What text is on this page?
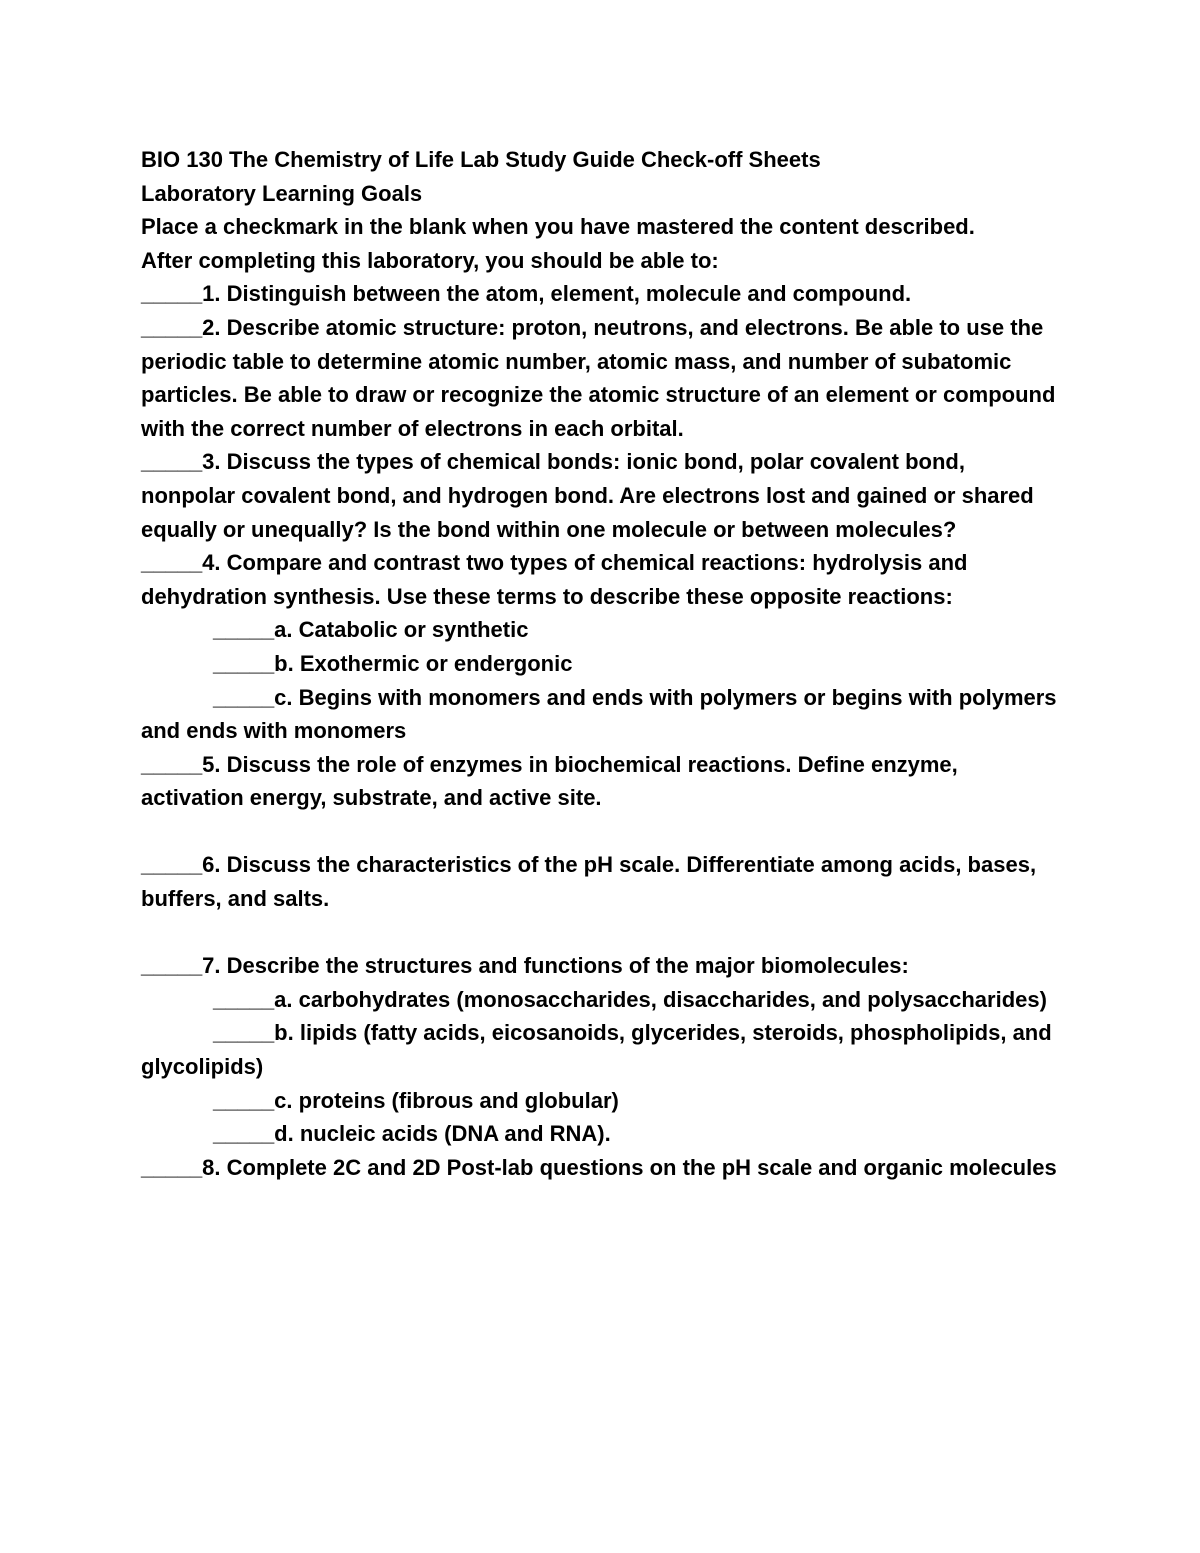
BIO 130 The Chemistry of Life Lab Study Guide Check-off Sheets

Laboratory Learning Goals

Place a checkmark in the blank when you have mastered the content described.

After completing this laboratory, you should be able to:

_____1. Distinguish between the atom, element, molecule and compound.

_____2. Describe atomic structure: proton, neutrons, and electrons. Be able to use the periodic table to determine atomic number, atomic mass, and number of subatomic particles. Be able to draw or recognize the atomic structure of an element or compound with the correct number of electrons in each orbital.

_____3. Discuss the types of chemical bonds: ionic bond, polar covalent bond, nonpolar covalent bond, and hydrogen bond. Are electrons lost and gained or shared equally or unequally? Is the bond within one molecule or between molecules?

_____4. Compare and contrast two types of chemical reactions: hydrolysis and dehydration synthesis. Use these terms to describe these opposite reactions:

_____a. Catabolic or synthetic

_____b. Exothermic or endergonic

_____c. Begins with monomers and ends with polymers or begins with polymers and ends with monomers

_____5. Discuss the role of enzymes in biochemical reactions. Define enzyme, activation energy, substrate, and active site.

_____6. Discuss the characteristics of the pH scale. Differentiate among acids, bases, buffers, and salts.

_____7. Describe the structures and functions of the major biomolecules:

_____a. carbohydrates (monosaccharides, disaccharides, and polysaccharides)

_____b. lipids (fatty acids, eicosanoids, glycerides, steroids, phospholipids, and glycolipids)

_____c. proteins (fibrous and globular)

_____d. nucleic acids (DNA and RNA).

_____8. Complete 2C and 2D Post-lab questions on the pH scale and organic molecules
